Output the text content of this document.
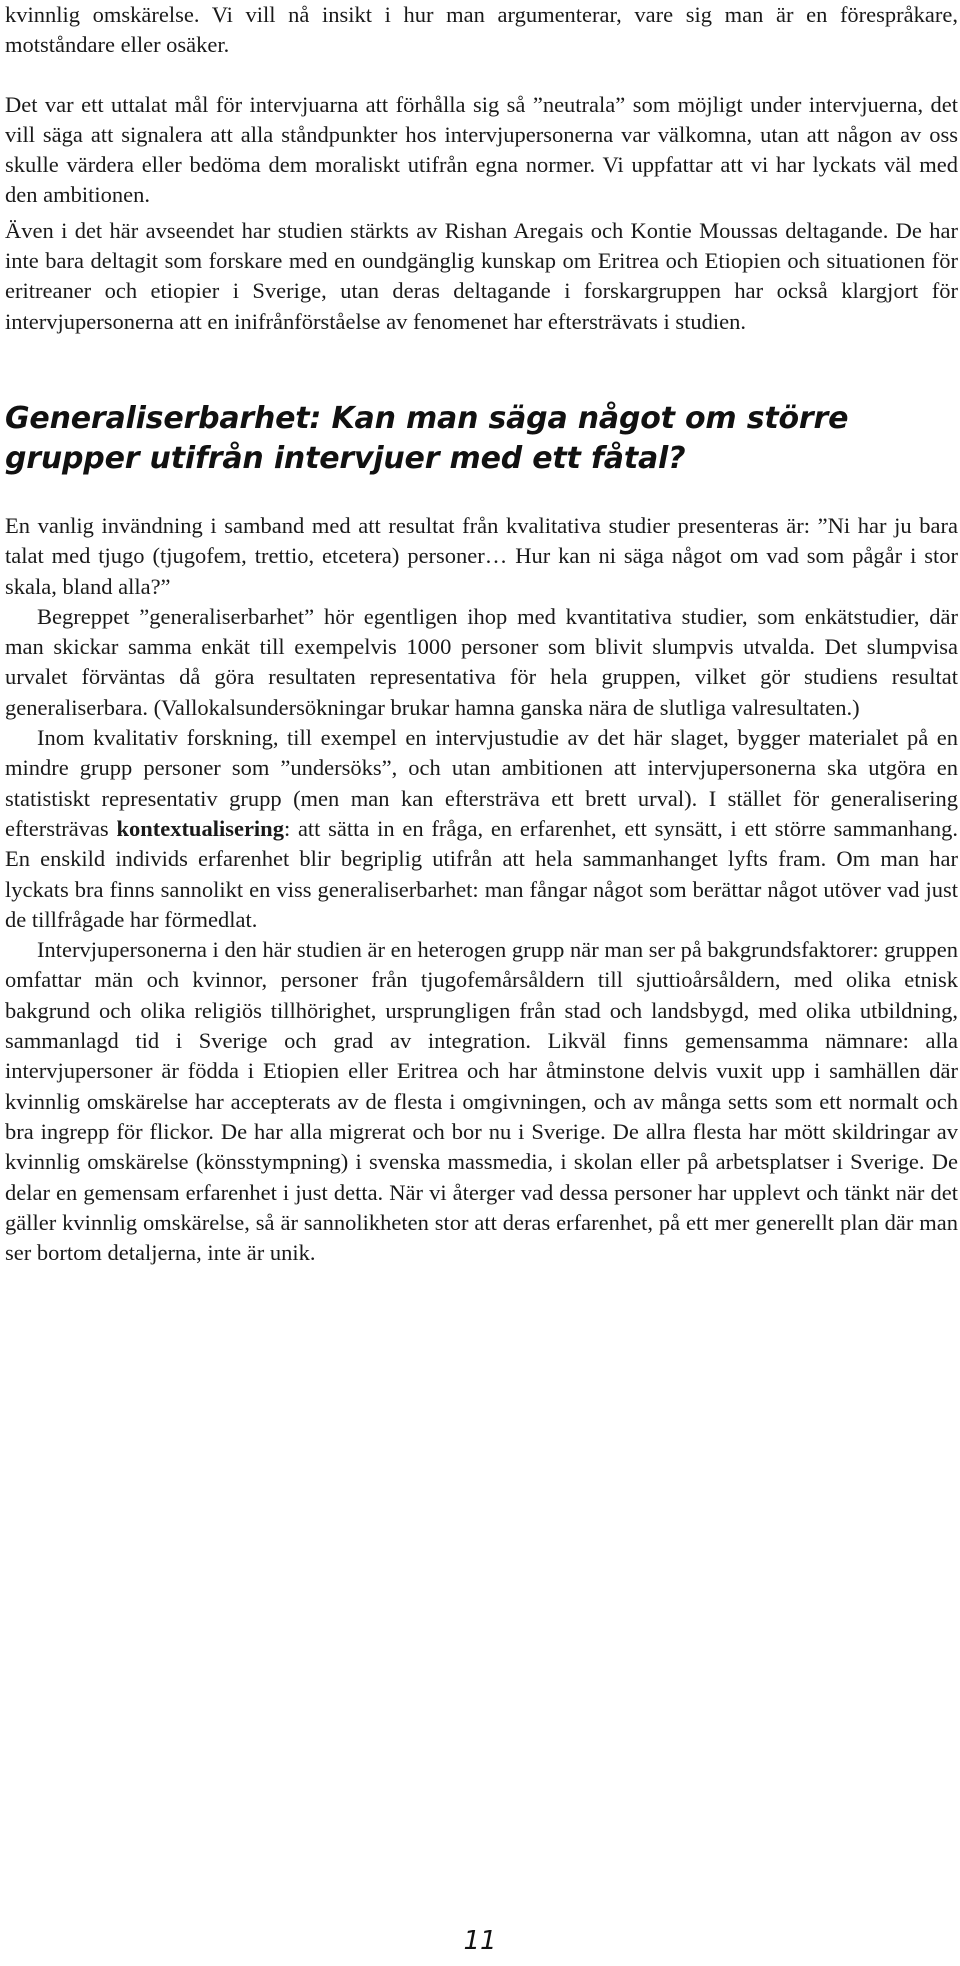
kvinnlig omskärelse. Vi vill nå insikt i hur man argumenterar, vare sig man är en förespråkare, motståndare eller osäker.

Det var ett uttalat mål för intervjuarna att förhålla sig så ”neutrala” som möjligt under intervjuerna, det vill säga att signalera att alla ståndpunkter hos intervjupersonerna var välkomna, utan att någon av oss skulle värdera eller bedöma dem moraliskt utifrån egna normer. Vi uppfattar att vi har lyckats väl med den ambitionen.

Även i det här avseendet har studien stärkts av Rishan Aregais och Kontie Moussas deltagande. De har inte bara deltagit som forskare med en oundgänglig kunskap om Eritrea och Etiopien och situationen för eritreaner och etiopier i Sverige, utan deras deltagande i forskargruppen har också klargjort för intervjupersonerna att en inifrånförståelse av fenomenet har eftersträvats i studien.

Generaliserbarhet: Kan man säga något om större grupper utifrån intervjuer med ett fåtal?

En vanlig invändning i samband med att resultat från kvalitativa studier presenteras är: ”Ni har ju bara talat med tjugo (tjugofem, trettio, etcetera) personer… Hur kan ni säga något om vad som pågår i stor skala, bland alla?”

Begreppet ”generaliserbarhet” hör egentligen ihop med kvantitativa studier, som enkätstudier, där man skickar samma enkät till exempelvis 1000 personer som blivit slumpvis utvalda. Det slumpvisa urvalet förväntas då göra resultaten representativa för hela gruppen, vilket gör studiens resultat generaliserbara. (Vallokalsundersökningar brukar hamna ganska nära de slutliga valresultaten.)

Inom kvalitativ forskning, till exempel en intervjustudie av det här slaget, bygger materialet på en mindre grupp personer som ”undersöks”, och utan ambitionen att intervjupersonerna ska utgöra en statistiskt representativ grupp (men man kan eftersträva ett brett urval). I stället för generalisering eftersträvas kontextualisering: att sätta in en fråga, en erfarenhet, ett synsätt, i ett större sammanhang. En enskild individs erfarenhet blir begriplig utifrån att hela sammanhanget lyfts fram. Om man har lyckats bra finns sannolikt en viss generaliserbarhet: man fångar något som berättar något utöver vad just de tillfrågade har förmedlat.

Intervjupersonerna i den här studien är en heterogen grupp när man ser på bakgrundsfaktorer: gruppen omfattar män och kvinnor, personer från tjugofemårsåldern till sjuttioårsåldern, med olika etnisk bakgrund och olika religiös tillhörighet, ursprungligen från stad och landsbygd, med olika utbildning, sammanlagd tid i Sverige och grad av integration. Likväl finns gemensamma nämnare: alla intervjupersoner är födda i Etiopien eller Eritrea och har åtminstone delvis vuxit upp i samhällen där kvinnlig omskärelse har accepterats av de flesta i omgivningen, och av många setts som ett normalt och bra ingrepp för flickor. De har alla migrerat och bor nu i Sverige. De allra flesta har mött skildringar av kvinnlig omskärelse (könsstympning) i svenska massmedia, i skolan eller på arbetsplatser i Sverige. De delar en gemensam erfarenhet i just detta. När vi återger vad dessa personer har upplevt och tänkt när det gäller kvinnlig omskärelse, så är sannolikheten stor att deras erfarenhet, på ett mer generellt plan där man ser bortom detaljerna, inte är unik.

11
